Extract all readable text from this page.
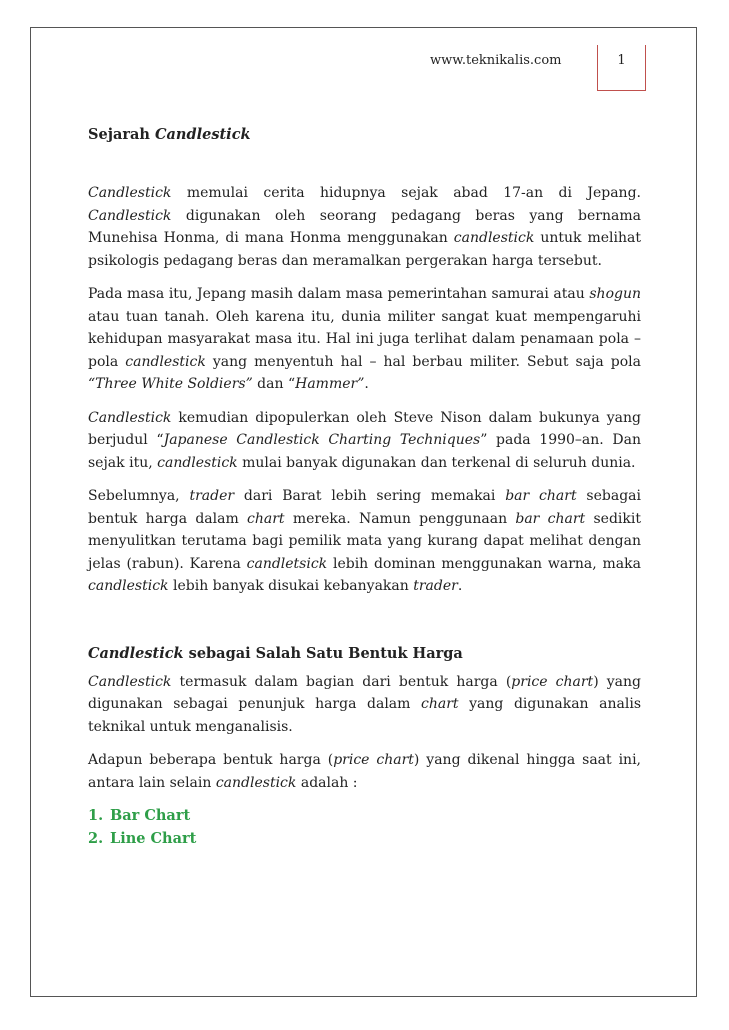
www.teknikalis.com	1
Sejarah Candlestick

Candlestick memulai cerita hidupnya sejak abad 17-an di Jepang. Candlestick digunakan oleh seorang pedagang beras yang bernama Munehisa Honma, di mana Honma menggunakan candlestick untuk melihat psikologis pedagang beras dan meramalkan pergerakan harga tersebut.

Pada masa itu, Jepang masih dalam masa pemerintahan samurai atau shogun atau tuan tanah. Oleh karena itu, dunia militer sangat kuat mempengaruhi kehidupan masyarakat masa itu. Hal ini juga terlihat dalam penamaan pola – pola candlestick yang menyentuh hal – hal berbau militer. Sebut saja pola “Three White Soldiers” dan “Hammer”.

Candlestick kemudian dipopulerkan oleh Steve Nison dalam bukunya yang berjudul “Japanese Candlestick Charting Techniques” pada 1990–an. Dan sejak itu, candlestick mulai banyak digunakan dan terkenal di seluruh dunia.

Sebelumnya, trader dari Barat lebih sering memakai bar chart sebagai bentuk harga dalam chart mereka. Namun penggunaan bar chart sedikit menyulitkan terutama bagi pemilik mata yang kurang dapat melihat dengan jelas (rabun). Karena candletsick lebih dominan menggunakan warna, maka candlestick lebih banyak disukai kebanyakan trader.

Candlestick sebagai Salah Satu Bentuk Harga

Candlestick termasuk dalam bagian dari bentuk harga (price chart) yang digunakan sebagai penunjuk harga dalam chart yang digunakan analis teknikal untuk menganalisis.

Adapun beberapa bentuk harga (price chart) yang dikenal hingga saat ini, antara lain selain candlestick adalah :

1. Bar Chart
2. Line Chart
